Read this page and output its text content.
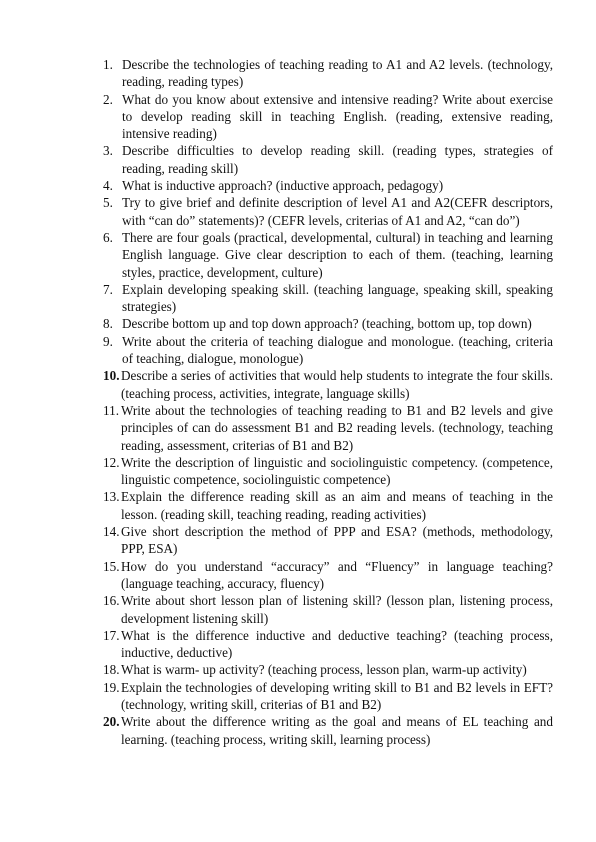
1. Describe the technologies of teaching reading to A1 and A2 levels. (technology, reading, reading types)
2. What do you know about extensive and intensive reading? Write about exercise to develop reading skill in teaching English. (reading, extensive reading, intensive reading)
3. Describe difficulties to develop reading skill. (reading types, strategies of reading, reading skill)
4. What is inductive approach? (inductive approach, pedagogy)
5. Try to give brief and definite description of level A1 and A2(CEFR descriptors, with “can do” statements)? (CEFR levels, criterias of A1 and A2, “can do”)
6. There are four goals (practical, developmental, cultural) in teaching and learning English language. Give clear description to each of them. (teaching, learning styles, practice, development, culture)
7. Explain developing speaking skill. (teaching language, speaking skill, speaking strategies)
8. Describe bottom up and top down approach? (teaching, bottom up, top down)
9. Write about the criteria of teaching dialogue and monologue. (teaching, criteria of teaching, dialogue, monologue)
10. Describe a series of activities that would help students to integrate the four skills. (teaching process, activities, integrate, language skills)
11. Write about the technologies of teaching reading to B1 and B2 levels and give principles of can do assessment B1 and B2 reading levels. (technology, teaching reading, assessment, criterias of B1 and B2)
12. Write the description of linguistic and sociolinguistic competency. (competence, linguistic competence, sociolinguistic competence)
13. Explain the difference reading skill as an aim and means of teaching in the lesson. (reading skill, teaching reading, reading activities)
14. Give short description the method of PPP and ESA? (methods, methodology, PPP, ESA)
15. How do you understand “accuracy” and “Fluency” in language teaching? (language teaching, accuracy, fluency)
16. Write about short lesson plan of listening skill? (lesson plan, listening process, development listening skill)
17. What is the difference inductive and deductive teaching? (teaching process, inductive, deductive)
18. What is warm- up activity? (teaching process, lesson plan, warm-up activity)
19. Explain the technologies of developing writing skill to B1 and B2 levels in EFT? (technology, writing skill, criterias of B1 and B2)
20. Write about the difference writing as the goal and means of EL teaching and learning. (teaching process, writing skill, learning process)
